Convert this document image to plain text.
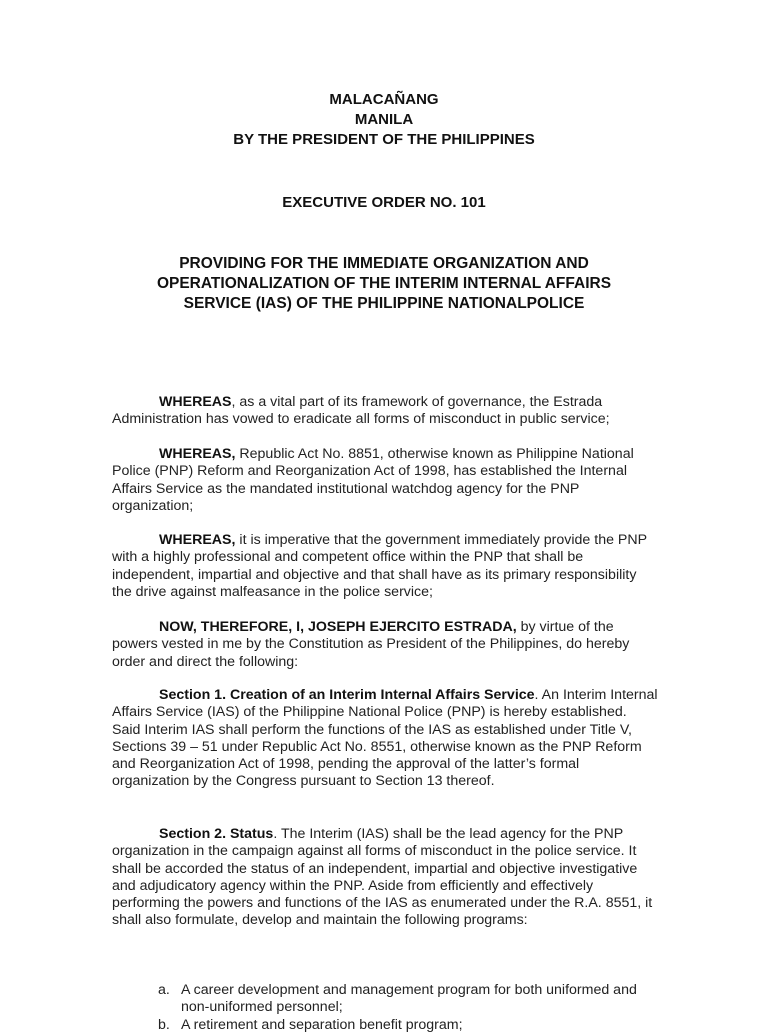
MALACAÑANG
MANILA
BY THE PRESIDENT OF THE PHILIPPINES
EXECUTIVE ORDER NO. 101
PROVIDING FOR THE IMMEDIATE ORGANIZATION AND
OPERATIONALIZATION OF THE INTERIM INTERNAL AFFAIRS
SERVICE (IAS) OF THE PHILIPPINE NATIONALPOLICE

WHEREAS, as a vital part of its framework of governance, the Estrada Administration has vowed to eradicate all forms of misconduct in public service;

WHEREAS, Republic Act No. 8851, otherwise known as Philippine National Police (PNP) Reform and Reorganization Act of 1998, has established the Internal Affairs Service as the mandated institutional watchdog agency for the PNP organization;

WHEREAS, it is imperative that the government immediately provide the PNP with a highly professional and competent office within the PNP that shall be independent, impartial and objective and that shall have as its primary responsibility the drive against malfeasance in the police service;

NOW, THEREFORE, I, JOSEPH EJERCITO ESTRADA, by virtue of the powers vested in me by the Constitution as President of the Philippines, do hereby order and direct the following:

Section 1. Creation of an Interim Internal Affairs Service. An Interim Internal Affairs Service (IAS) of the Philippine National Police (PNP) is hereby established. Said Interim IAS shall perform the functions of the IAS as established under Title V, Sections 39 – 51 under Republic Act No. 8551, otherwise known as the PNP Reform and Reorganization Act of 1998, pending the approval of the latter’s formal organization by the Congress pursuant to Section 13 thereof.

Section 2. Status. The Interim (IAS) shall be the lead agency for the PNP organization in the campaign against all forms of misconduct in the police service. It shall be accorded the status of an independent, impartial and objective investigative and adjudicatory agency within the PNP. Aside from efficiently and effectively performing the powers and functions of the IAS as enumerated under the R.A. 8551, it shall also formulate, develop and maintain the following programs:

a. A career development and management program for both uniformed and non-uniformed personnel;
b. A retirement and separation benefit program;
